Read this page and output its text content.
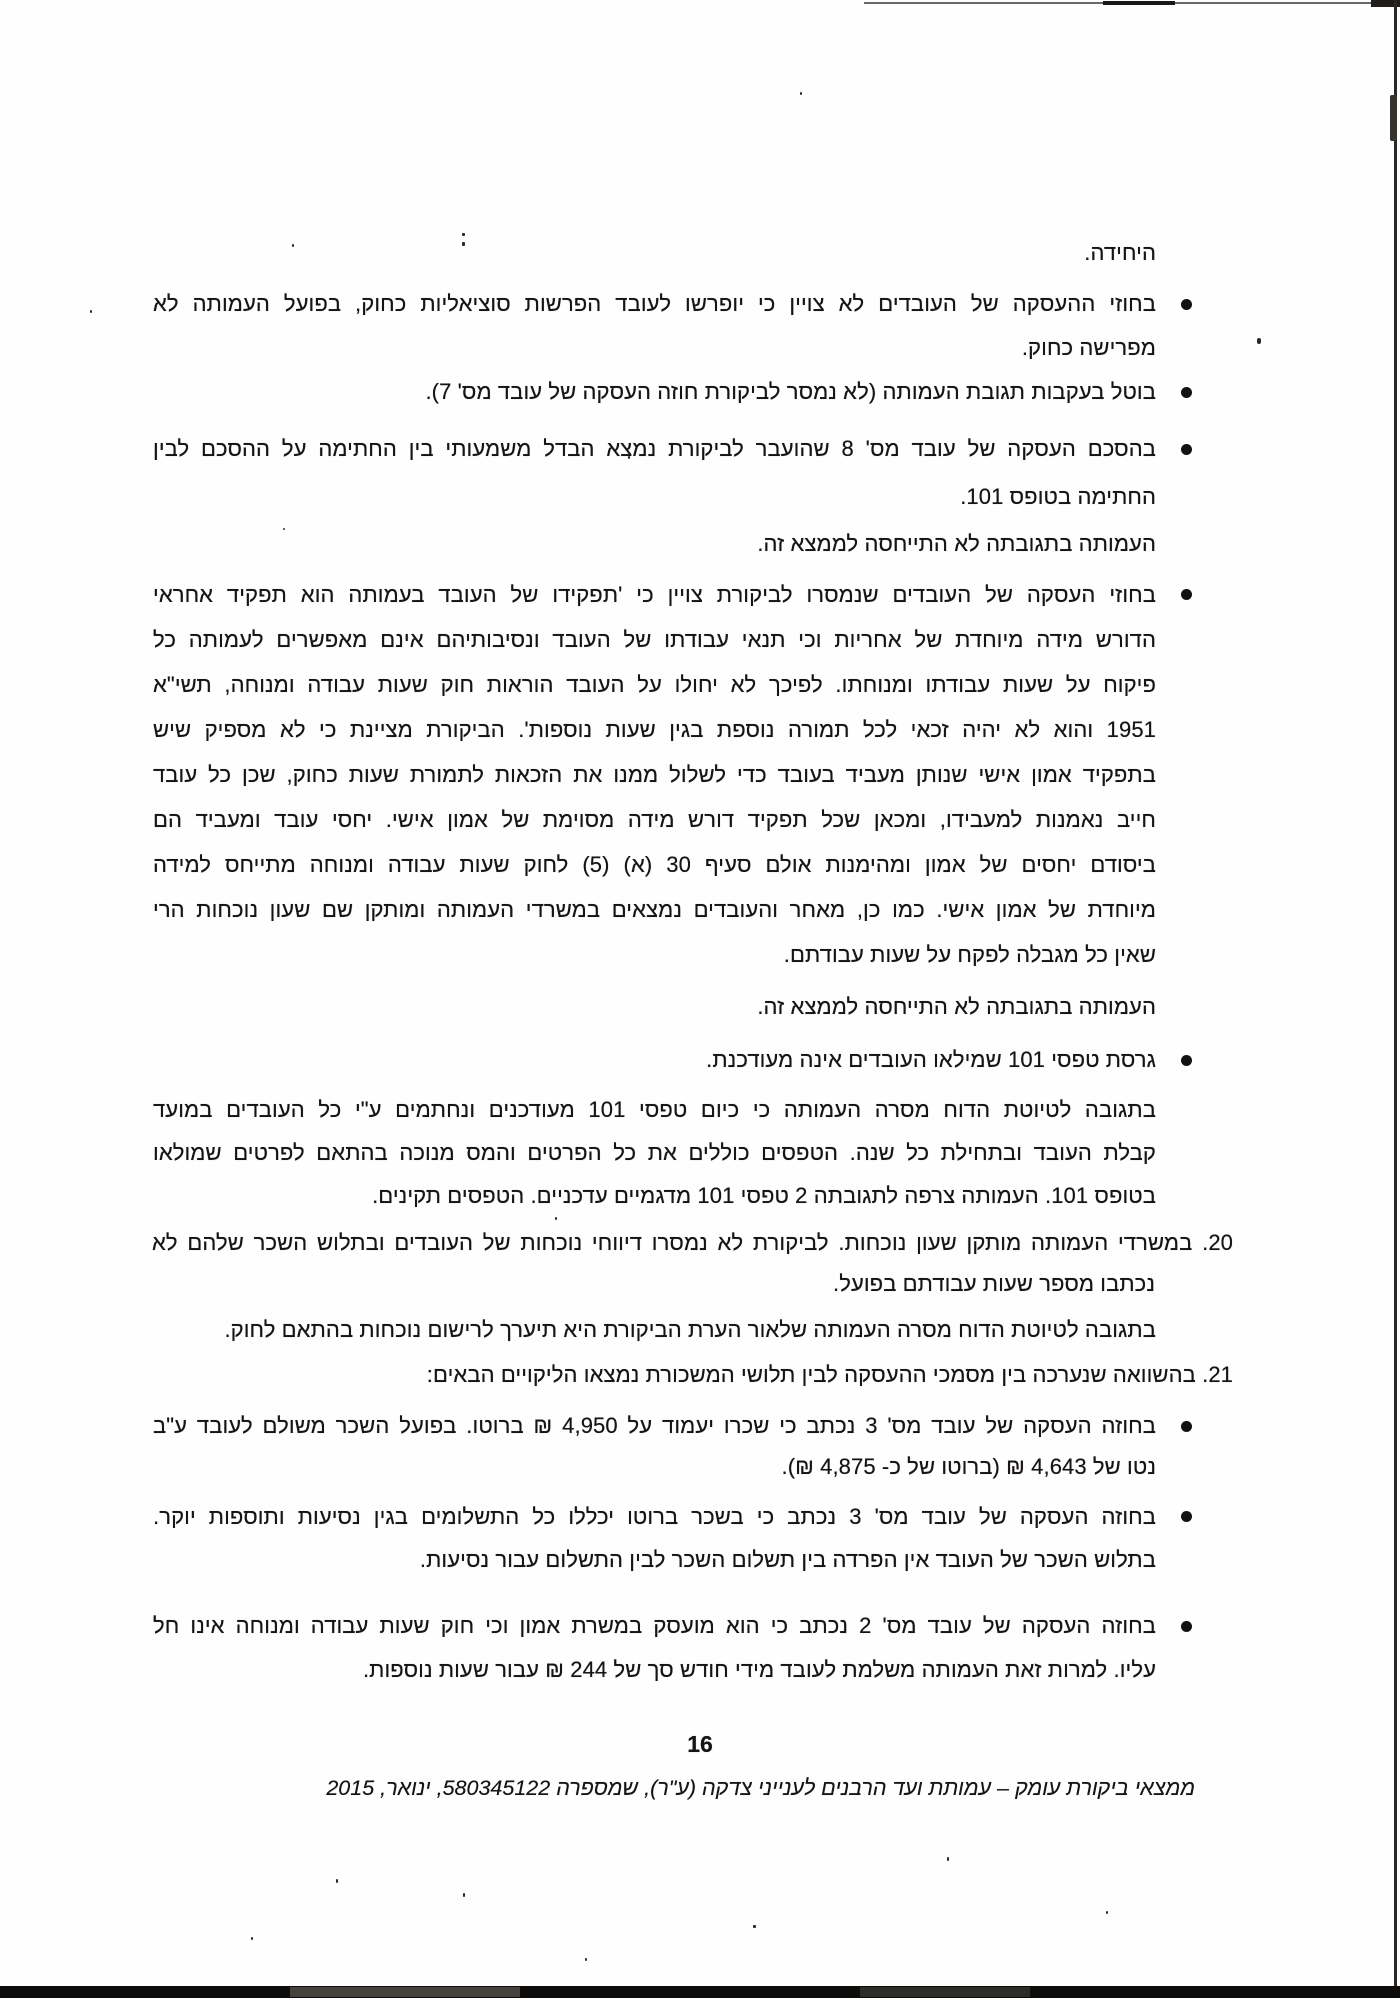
היחידה.
בחוזי ההעסקה של העובדים לא צויין כי יופרשו לעובד הפרשות סוציאליות כחוק, בפועל העמותה לא
מפרישה כחוק.
בוטל בעקבות תגובת העמותה (לא נמסר לביקורת חוזה העסקה של עובד מס' 7).
בהסכם העסקה של עובד מס' 8 שהועבר לביקורת נמצא הבדל משמעותי בין החתימה על ההסכם לבין
החתימה בטופס 101.
העמותה בתגובתה לא התייחסה לממצא זה.
בחוזי העסקה של העובדים שנמסרו לביקורת צויין כי 'תפקידו של העובד בעמותה הוא תפקיד אחראי
הדורש מידה מיוחדת של אחריות וכי תנאי עבודתו של העובד ונסיבותיהם אינם מאפשרים לעמותה כל
פיקוח על שעות עבודתו ומנוחתו. לפיכך לא יחולו על העובד הוראות חוק שעות עבודה ומנוחה, תשי"א
1951 והוא לא יהיה זכאי לכל תמורה נוספת בגין שעות נוספות'. הביקורת מציינת כי לא מספיק שיש
בתפקיד אמון אישי שנותן מעביד בעובד כדי לשלול ממנו את הזכאות לתמורת שעות כחוק, שכן כל עובד
חייב נאמנות למעבידו, ומכאן שכל תפקיד דורש מידה מסוימת של אמון אישי. יחסי עובד ומעביד הם
ביסודם יחסים של אמון ומהימנות אולם סעיף 30 (א) (5) לחוק שעות עבודה ומנוחה מתייחס למידה
מיוחדת של אמון אישי. כמו כן, מאחר והעובדים נמצאים במשרדי העמותה ומותקן שם שעון נוכחות הרי
שאין כל מגבלה לפקח על שעות עבודתם.
העמותה בתגובתה לא התייחסה לממצא זה.
גרסת טפסי 101 שמילאו העובדים אינה מעודכנת.
בתגובה לטיוטת הדוח מסרה העמותה כי כיום טפסי 101 מעודכנים ונחתמים ע"י כל העובדים במועד
קבלת העובד ובתחילת כל שנה. הטפסים כוללים את כל הפרטים והמס מנוכה בהתאם לפרטים שמולאו
בטופס 101. העמותה צרפה לתגובתה 2 טפסי 101 מדגמיים עדכניים. הטפסים תקינים.
20. במשרדי העמותה מותקן שעון נוכחות. לביקורת לא נמסרו דיווחי נוכחות של העובדים ובתלוש השכר שלהם לא
נכתבו מספר שעות עבודתם בפועל.
בתגובה לטיוטת הדוח מסרה העמותה שלאור הערת הביקורת היא תיערך לרישום נוכחות בהתאם לחוק.
21. בהשוואה שנערכה בין מסמכי ההעסקה לבין תלושי המשכורת נמצאו הליקויים הבאים:
בחוזה העסקה של עובד מס' 3 נכתב כי שכרו יעמוד על 4,950 ₪ ברוטו. בפועל השכר משולם לעובד ע"ב
נטו של 4,643 ₪ (ברוטו של כ- 4,875 ₪).
בחוזה העסקה של עובד מס' 3 נכתב כי בשכר ברוטו יכללו כל התשלומים בגין נסיעות ותוספות יוקר.
בתלוש השכר של העובד אין הפרדה בין תשלום השכר לבין התשלום עבור נסיעות.
בחוזה העסקה של עובד מס' 2 נכתב כי הוא מועסק במשרת אמון וכי חוק שעות עבודה ומנוחה אינו חל
עליו. למרות זאת העמותה משלמת לעובד מידי חודש סך של 244 ₪ עבור שעות נוספות.
16
ממצאי ביקורת עומק – עמותת ועד הרבנים לענייני צדקה (ע"ר), שמספרה 580345122, ינואר, 2015
